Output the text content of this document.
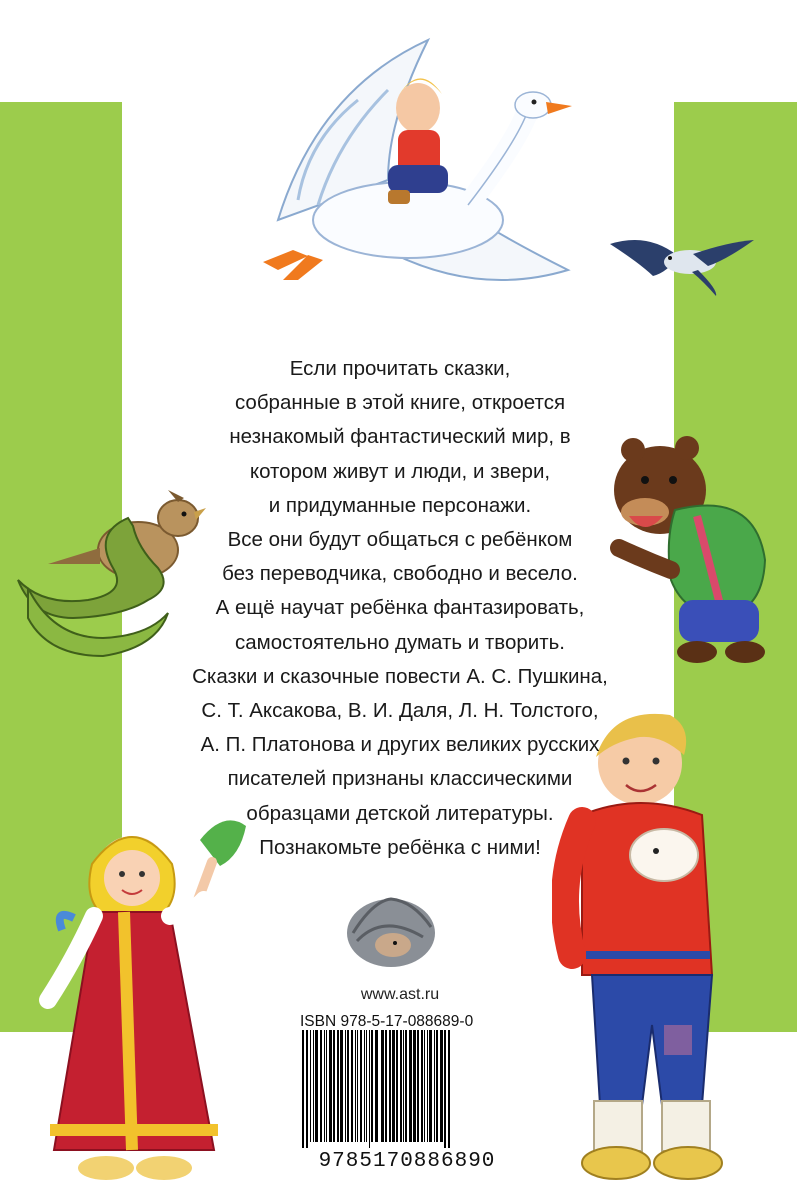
Если прочитать сказки,
собранные в этой книге, откроется
незнакомый фантастический мир, в
котором живут и люди, и звери,
и придуманные персонажи.
Все они будут общаться с ребёнком
без переводчика, свободно и весело.
А ещё научат ребёнка фантазировать,
самостоятельно думать и творить.
Сказки и сказочные повести А. С. Пушкина,
С. Т. Аксакова, В. И. Даля, Л. Н. Толстого,
А. П. Платонова и других великих русских
писателей признаны классическими
образцами детской литературы.
Познакомьте ребёнка с ними!
www.ast.ru
ISBN 978-5-17-088689-0
9785170886890
